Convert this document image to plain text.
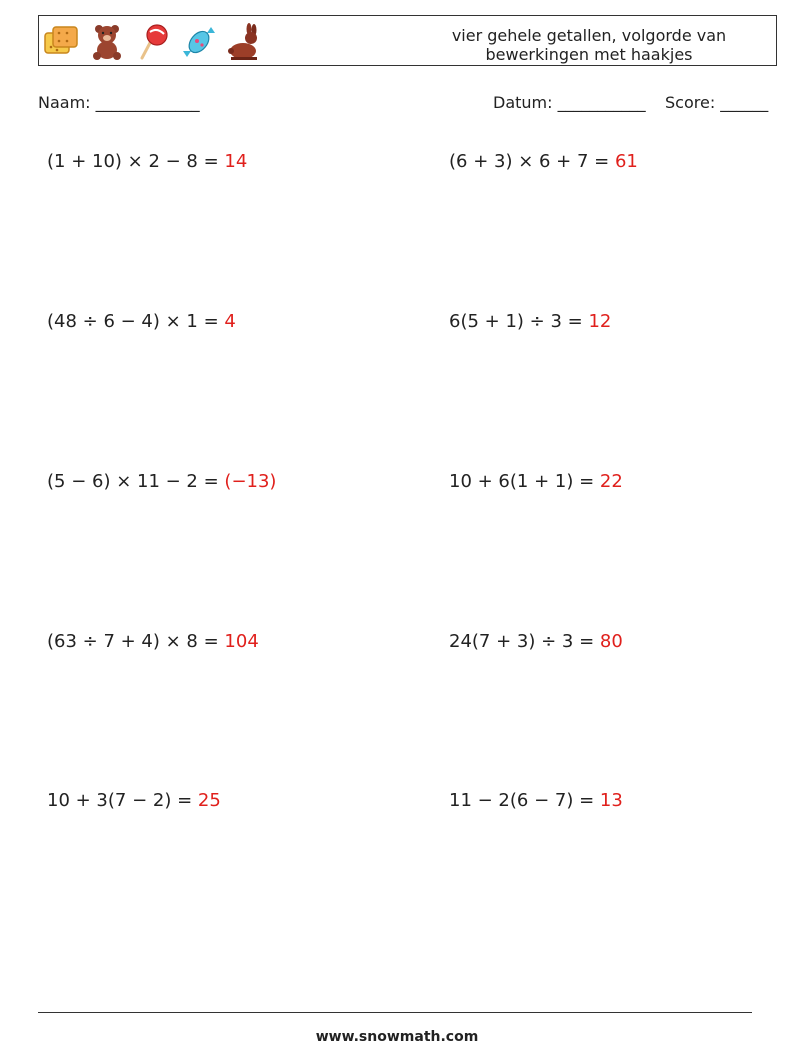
vier gehele getallen, volgorde van
bewerkingen met haakjes
Naam: _____________	Datum: ___________ Score: ______
(1 + 10) × 2 − 8 = 14	(6 + 3) × 6 + 7 = 61
(48 ÷ 6 − 4) × 1 = 4	6(5 + 1) ÷ 3 = 12
(5 − 6) × 11 − 2 = (−13)	10 + 6(1 + 1) = 22
(63 ÷ 7 + 4) × 8 = 104	24(7 + 3) ÷ 3 = 80
10 + 3(7 − 2) = 25	11 − 2(6 − 7) = 13
www.snowmath.com
